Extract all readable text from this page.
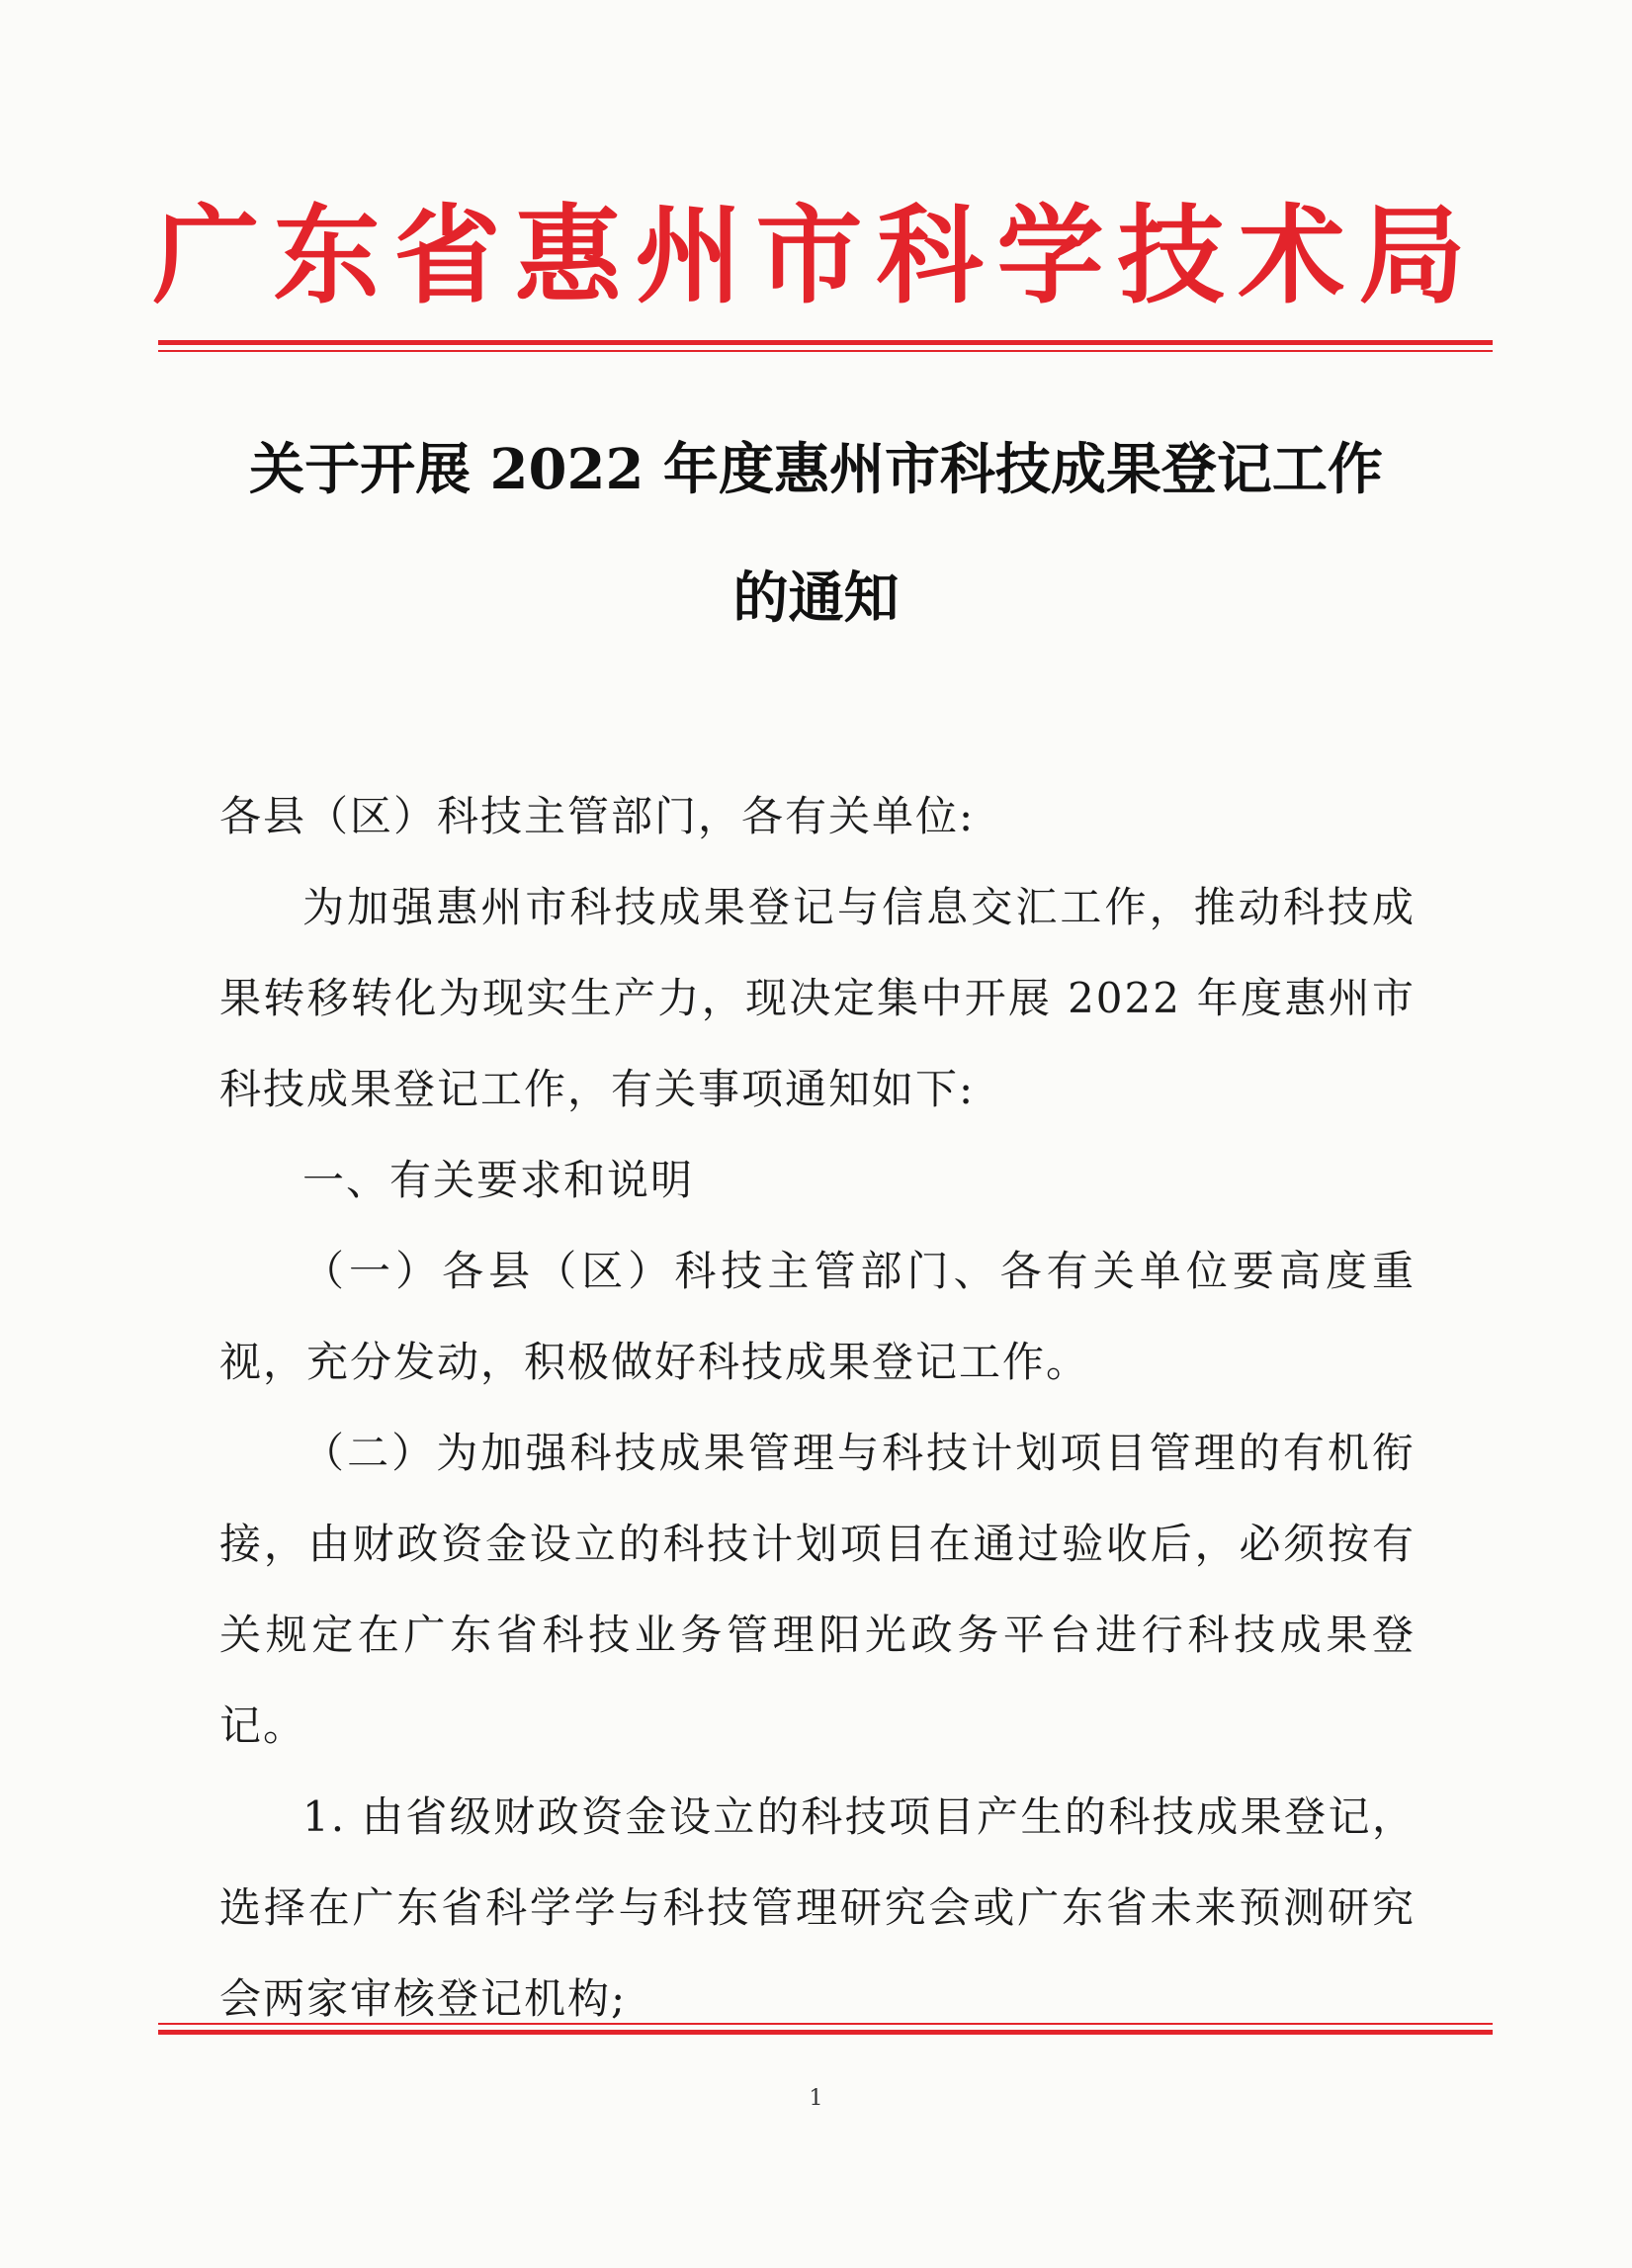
广东省惠州市科学技术局
关于开展 2022 年度惠州市科技成果登记工作
的通知

各县（区）科技主管部门，各有关单位:

为加强惠州市科技成果登记与信息交汇工作，推动科技成果转移转化为现实生产力，现决定集中开展 2022 年度惠州市科技成果登记工作，有关事项通知如下:

一、有关要求和说明

（一）各县（区）科技主管部门、各有关单位要高度重视，充分发动，积极做好科技成果登记工作。

（二）为加强科技成果管理与科技计划项目管理的有机衔接，由财政资金设立的科技计划项目在通过验收后，必须按有关规定在广东省科技业务管理阳光政务平台进行科技成果登记。

1. 由省级财政资金设立的科技项目产生的科技成果登记，选择在广东省科学学与科技管理研究会或广东省未来预测研究会两家审核登记机构;

1
